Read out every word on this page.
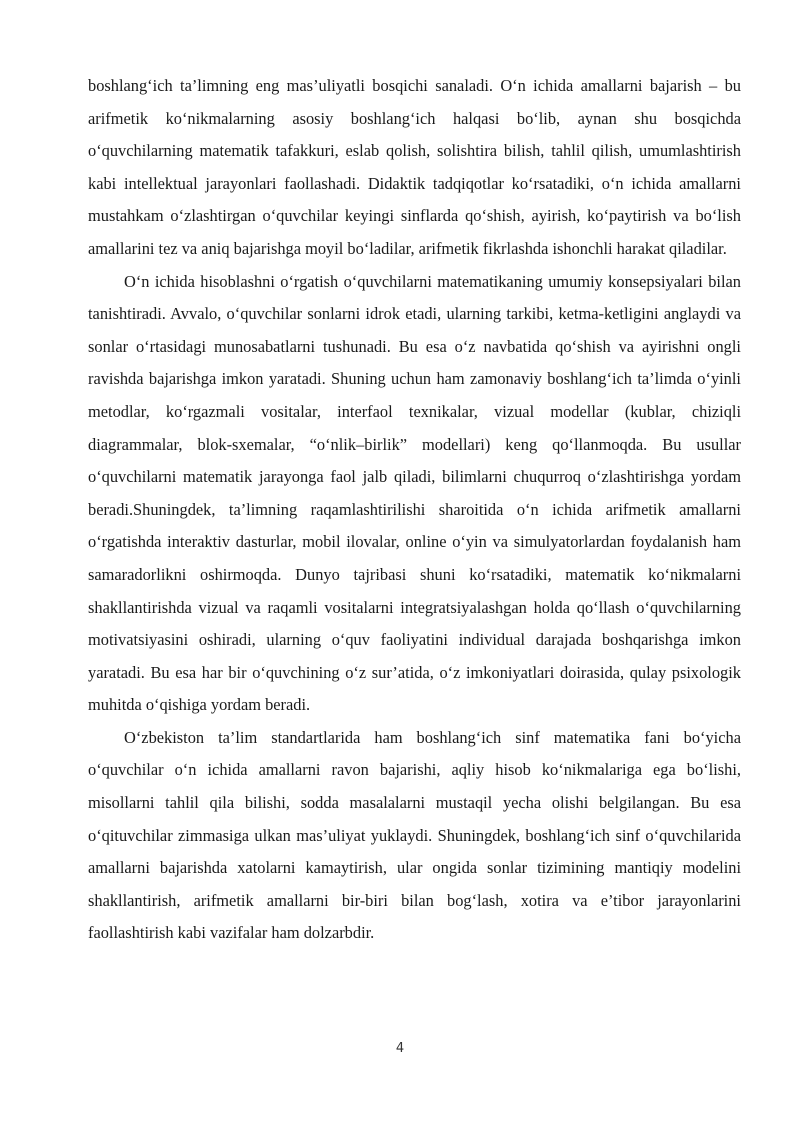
boshlang‘ich ta’limning eng mas’uliyatli bosqichi sanaladi. O‘n ichida amallarni bajarish – bu arifmetik ko‘nikmalarning asosiy boshlang‘ich halqasi bo‘lib, aynan shu bosqichda o‘quvchilarning matematik tafakkuri, eslab qolish, solishtira bilish, tahlil qilish, umumlashtirish kabi intellektual jarayonlari faollashadi. Didaktik tadqiqotlar ko‘rsatadiki, o‘n ichida amallarni mustahkam o‘zlashtirgan o‘quvchilar keyingi sinflarda qo‘shish, ayirish, ko‘paytirish va bo‘lish amallarini tez va aniq bajarishga moyil bo‘ladilar, arifmetik fikrlashda ishonchli harakat qiladilar.

O‘n ichida hisoblashni o‘rgatish o‘quvchilarni matematikaning umumiy konsepsiyalari bilan tanishtiradi. Avvalo, o‘quvchilar sonlarni idrok etadi, ularning tarkibi, ketma-ketligini anglaydi va sonlar o‘rtasidagi munosabatlarni tushunadi. Bu esa o‘z navbatida qo‘shish va ayirishni ongli ravishda bajarishga imkon yaratadi. Shuning uchun ham zamonaviy boshlang‘ich ta’limda o‘yinli metodlar, ko‘rgazmali vositalar, interfaol texnikalar, vizual modellar (kublar, chiziqli diagrammalar, blok-sxemalar, “o‘nlik–birlik” modellari) keng qo‘llanmoqda. Bu usullar o‘quvchilarni matematik jarayonga faol jalb qiladi, bilimlarni chuqurroq o‘zlashtirishga yordam beradi.Shuningdek, ta’limning raqamlashtirilishi sharoitida o‘n ichida arifmetik amallarni o‘rgatishda interaktiv dasturlar, mobil ilovalar, online o‘yin va simulyatorlardan foydalanish ham samaradorlikni oshirmoqda. Dunyo tajribasi shuni ko‘rsatadiki, matematik ko‘nikmalarni shakllantirishda vizual va raqamli vositalarni integratsiyalashgan holda qo‘llash o‘quvchilarning motivatsiyasini oshiradi, ularning o‘quv faoliyatini individual darajada boshqarishga imkon yaratadi. Bu esa har bir o‘quvchining o‘z sur’atida, o‘z imkoniyatlari doirasida, qulay psixologik muhitda o‘qishiga yordam beradi.

O‘zbekiston ta’lim standartlarida ham boshlang‘ich sinf matematika fani bo‘yicha o‘quvchilar o‘n ichida amallarni ravon bajarishi, aqliy hisob ko‘nikmalariga ega bo‘lishi, misollarni tahlil qila bilishi, sodda masalalarni mustaqil yecha olishi belgilangan. Bu esa o‘qituvchilar zimmasiga ulkan mas’uliyat yuklaydi. Shuningdek, boshlang‘ich sinf o‘quvchilarida amallarni bajarishda xatolarni kamaytirish, ular ongida sonlar tizimining mantiqiy modelini shakllantirish, arifmetik amallarni bir-biri bilan bog‘lash, xotira va e’tibor jarayonlarini faollashtirish kabi vazifalar ham dolzarbdir.

4
